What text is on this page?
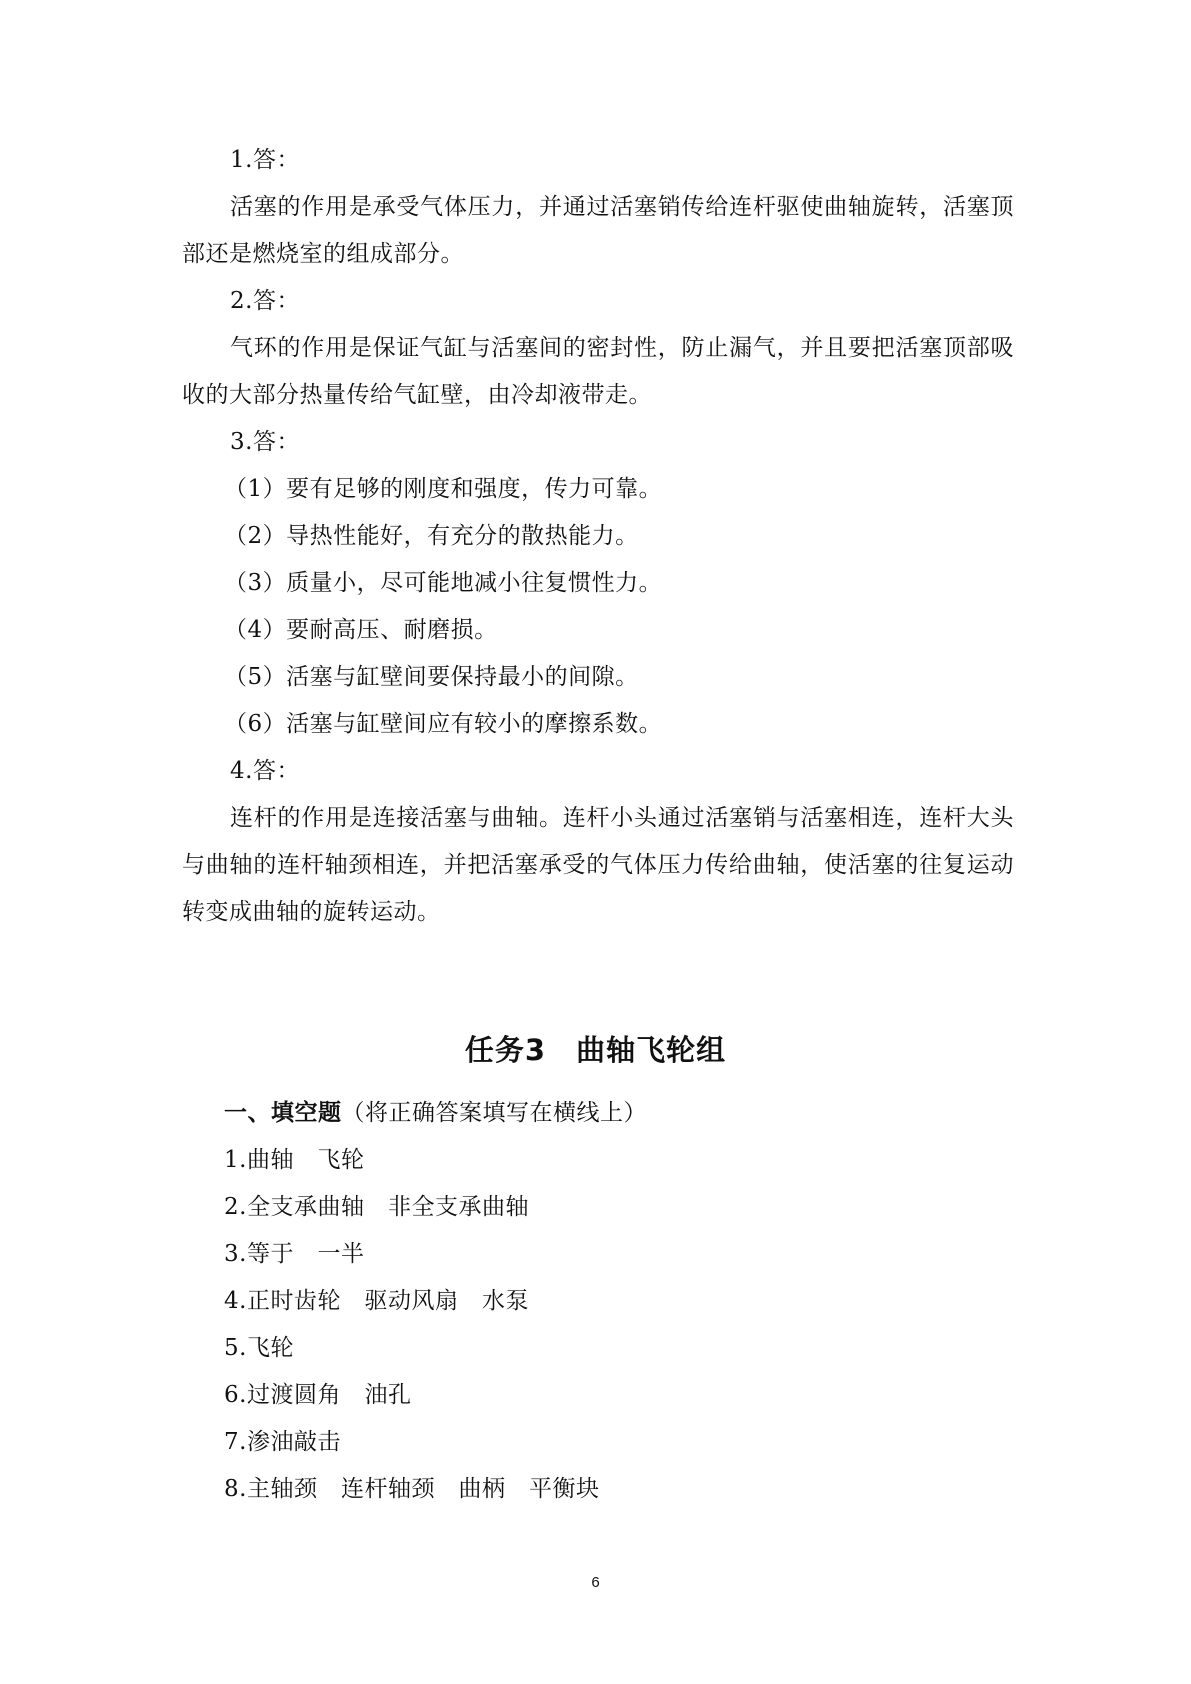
1.答：
活塞的作用是承受气体压力，并通过活塞销传给连杆驱使曲轴旋转，活塞顶部还是燃烧室的组成部分。
2.答：
气环的作用是保证气缸与活塞间的密封性，防止漏气，并且要把活塞顶部吸收的大部分热量传给气缸壁，由冷却液带走。
3.答：
（1）要有足够的刚度和强度，传力可靠。
（2）导热性能好，有充分的散热能力。
（3）质量小，尽可能地减小往复惯性力。
（4）要耐高压、耐磨损。
（5）活塞与缸壁间要保持最小的间隙。
（6）活塞与缸壁间应有较小的摩擦系数。
4.答：
连杆的作用是连接活塞与曲轴。连杆小头通过活塞销与活塞相连，连杆大头与曲轴的连杆轴颈相连，并把活塞承受的气体压力传给曲轴，使活塞的往复运动转变成曲轴的旋转运动。
任务3　曲轴飞轮组
一、填空题（将正确答案填写在横线上）
1.曲轴　飞轮
2.全支承曲轴　非全支承曲轴
3.等于　一半
4.正时齿轮　驱动风扇　水泵
5.飞轮
6.过渡圆角　油孔
7.渗油敲击
8.主轴颈　连杆轴颈　曲柄　平衡块
6
